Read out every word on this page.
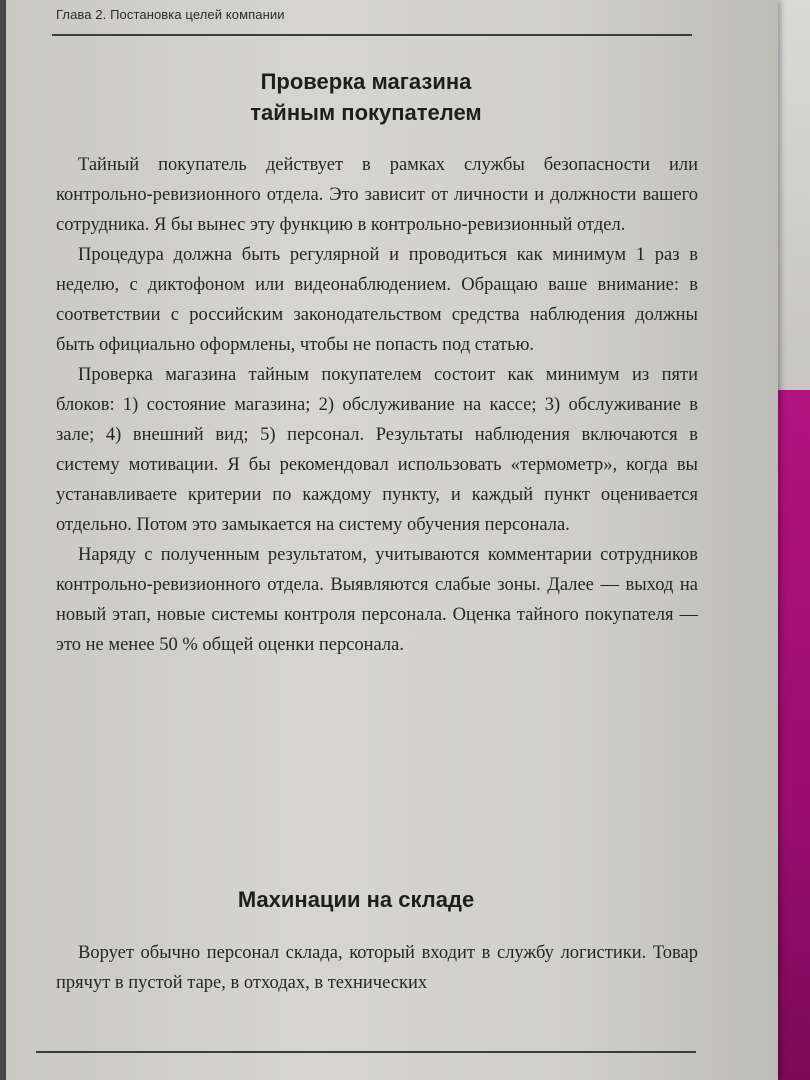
Глава 2. Постановка целей компании
Проверка магазина
тайным покупателем

Тайный покупатель действует в рамках службы безопасности или контрольно-ревизионного отдела. Это зависит от личности и должности вашего сотрудника. Я бы вынес эту функцию в контрольно-ревизионный отдел.

Процедура должна быть регулярной и проводиться как минимум 1 раз в неделю, с диктофоном или видеонаблюдением. Обращаю ваше внимание: в соответствии с российским законодательством средства наблюдения должны быть официально оформлены, чтобы не попасть под статью.

Проверка магазина тайным покупателем состоит как минимум из пяти блоков: 1) состояние магазина; 2) обслуживание на кассе; 3) обслуживание в зале; 4) внешний вид; 5) персонал. Результаты наблюдения включаются в систему мотивации. Я бы рекомендовал использовать «термометр», когда вы устанавливаете критерии по каждому пункту, и каждый пункт оценивается отдельно. Потом это замыкается на систему обучения персонала.

Наряду с полученным результатом, учитываются комментарии сотрудников контрольно-ревизионного отдела. Выявляются слабые зоны. Далее — выход на новый этап, новые системы контроля персонала. Оценка тайного покупателя — это не менее 50 % общей оценки персонала.

Махинации на складе

Ворует обычно персонал склада, который входит в службу логистики. Товар прячут в пустой таре, в отходах, в технических
